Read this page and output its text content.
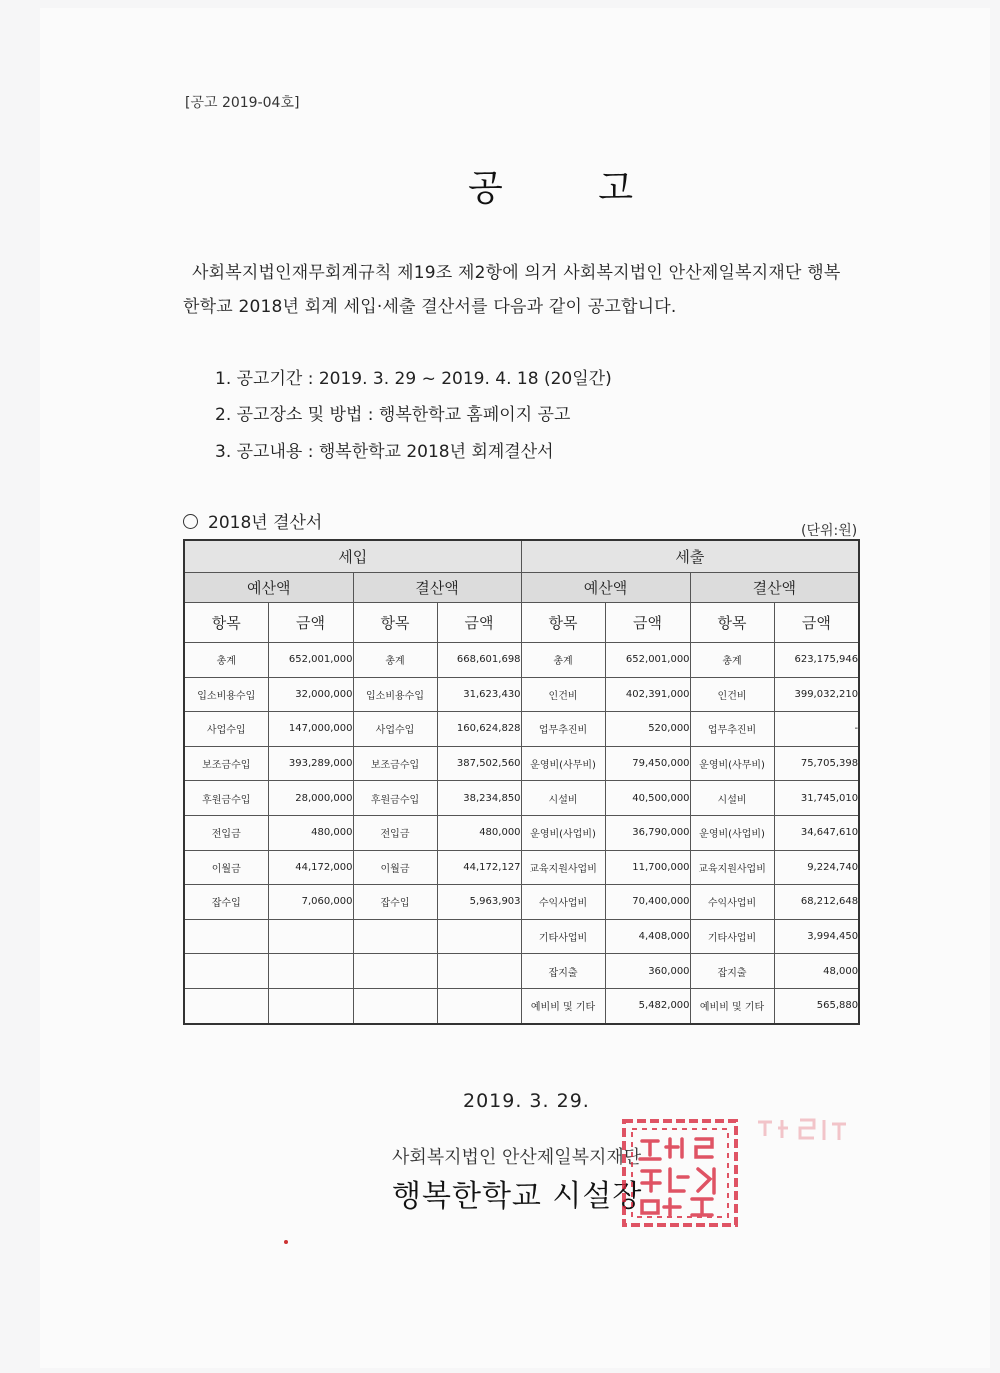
[공고 2019-04호]
공 고
사회복지법인재무회계규칙 제19조 제2항에 의거 사회복지법인 안산제일복지재단 행복
한학교 2018년 회계 세입·세출 결산서를 다음과 같이 공고합니다.
1. 공고기간 : 2019. 3. 29 ~ 2019. 4. 18 (20일간)
2. 공고장소 및 방법 : 행복한학교 홈페이지 공고
3. 공고내용 : 행복한학교 2018년 회계결산서
2018년 결산서	(단위:원)
세입				세출			
예산액		결산액		예산액		결산액	
항목	금액	항목	금액	항목	금액	항목	금액
총계	652,001,000	총계	668,601,698	총계	652,001,000	총계	623,175,946
입소비용수입	32,000,000	입소비용수입	31,623,430	인건비	402,391,000	인건비	399,032,210
사업수입	147,000,000	사업수입	160,624,828	업무추진비	520,000	업무추진비	-
보조금수입	393,289,000	보조금수입	387,502,560	운영비(사무비)	79,450,000	운영비(사무비)	75,705,398
후원금수입	28,000,000	후원금수입	38,234,850	시설비	40,500,000	시설비	31,745,010
전입금	480,000	전입금	480,000	운영비(사업비)	36,790,000	운영비(사업비)	34,647,610
이월금	44,172,000	이월금	44,172,127	교육지원사업비	11,700,000	교육지원사업비	9,224,740
잡수입	7,060,000	잡수입	5,963,903	수익사업비	70,400,000	수익사업비	68,212,648
				기타사업비	4,408,000	기타사업비	3,994,450
				잡지출	360,000	잡지출	48,000
				예비비 및 기타	5,482,000	예비비 및 기타	565,880
2019. 3. 29.
사회복지법인 안산제일복지재단
행복한학교 시설장
